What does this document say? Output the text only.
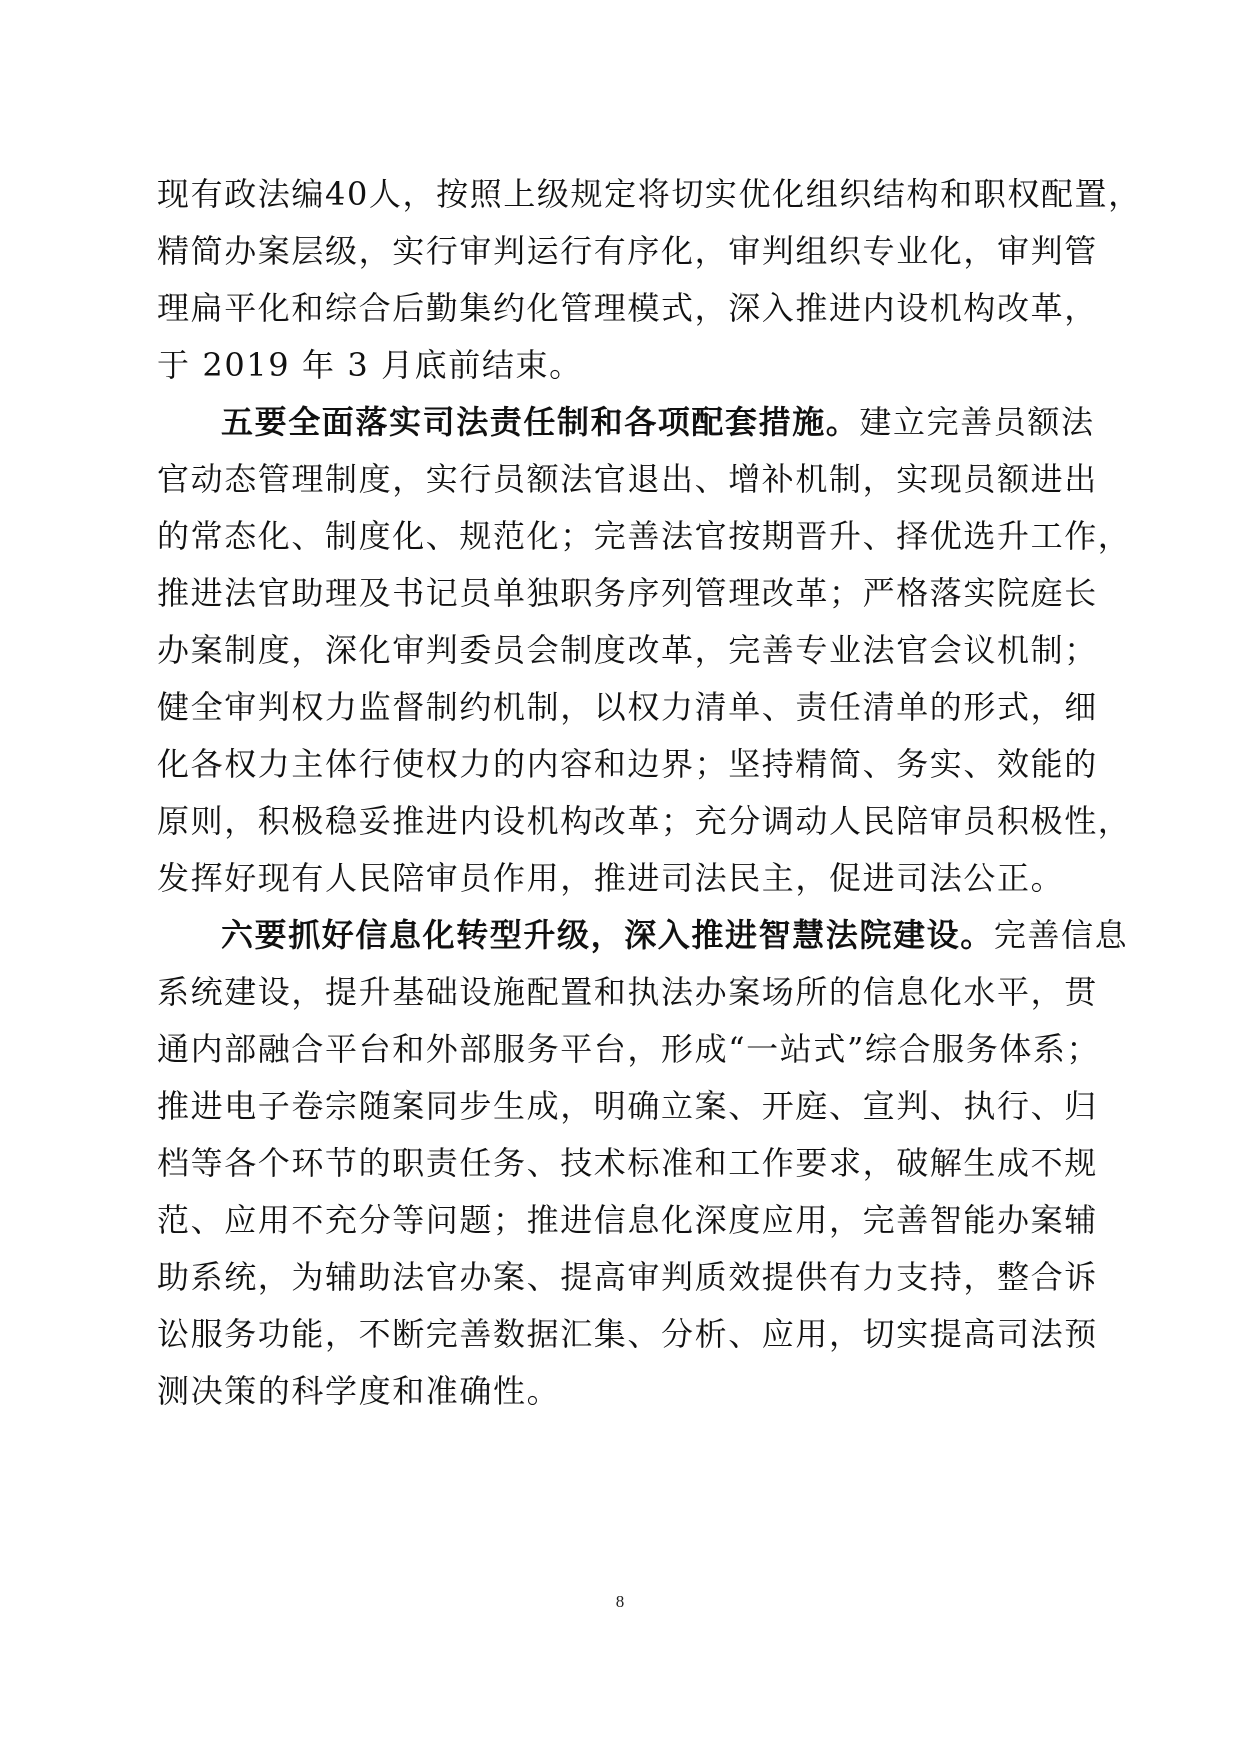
现有政法编40人，按照上级规定将切实优化组织结构和职权配置，
精简办案层级，实行审判运行有序化，审判组织专业化，审判管
理扁平化和综合后勤集约化管理模式，深入推进内设机构改革，
于 2019 年 3 月底前结束。
五要全面落实司法责任制和各项配套措施。建立完善员额法
官动态管理制度，实行员额法官退出、增补机制，实现员额进出
的常态化、制度化、规范化；完善法官按期晋升、择优选升工作，
推进法官助理及书记员单独职务序列管理改革；严格落实院庭长
办案制度，深化审判委员会制度改革，完善专业法官会议机制；
健全审判权力监督制约机制，以权力清单、责任清单的形式，细
化各权力主体行使权力的内容和边界；坚持精简、务实、效能的
原则，积极稳妥推进内设机构改革；充分调动人民陪审员积极性，
发挥好现有人民陪审员作用，推进司法民主，促进司法公正。
六要抓好信息化转型升级，深入推进智慧法院建设。完善信息
系统建设，提升基础设施配置和执法办案场所的信息化水平，贯
通内部融合平台和外部服务平台，形成“一站式”综合服务体系；
推进电子卷宗随案同步生成，明确立案、开庭、宣判、执行、归
档等各个环节的职责任务、技术标准和工作要求，破解生成不规
范、应用不充分等问题；推进信息化深度应用，完善智能办案辅
助系统，为辅助法官办案、提高审判质效提供有力支持，整合诉
讼服务功能，不断完善数据汇集、分析、应用，切实提高司法预
测决策的科学度和准确性。
8
